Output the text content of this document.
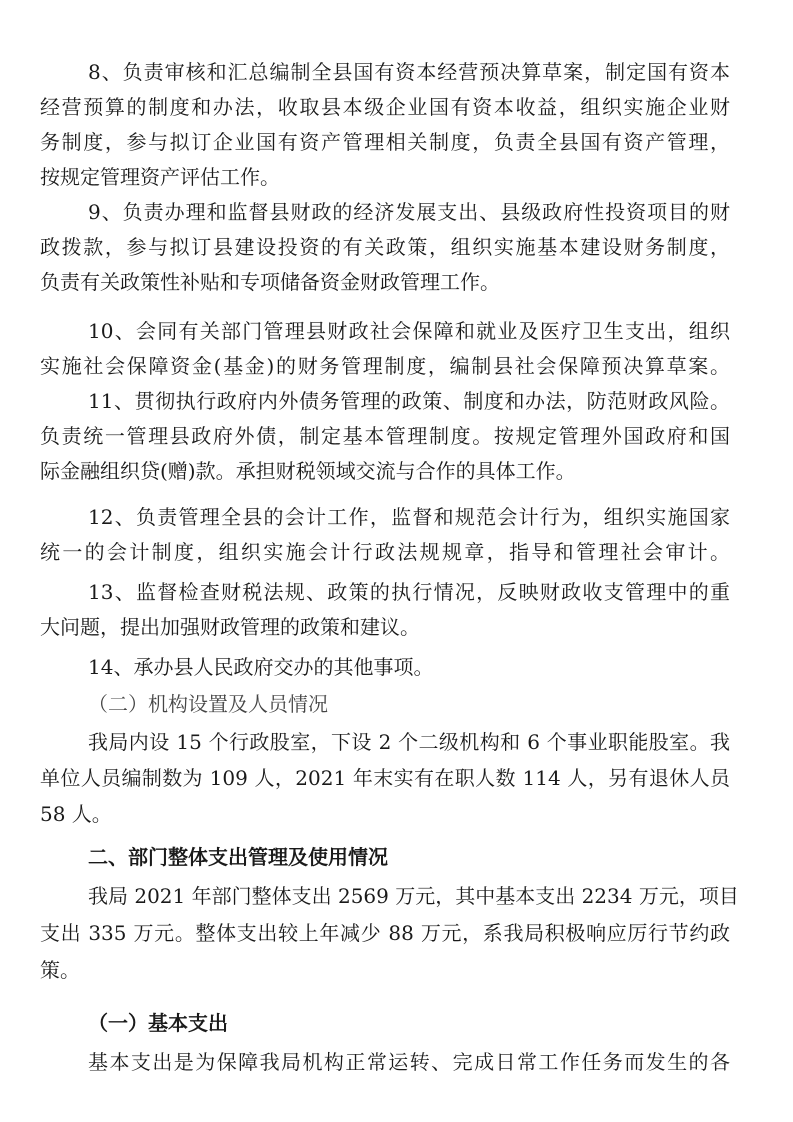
8、负责审核和汇总编制全县国有资本经营预决算草案，制定国有资本
经营预算的制度和办法，收取县本级企业国有资本收益，组织实施企业财
务制度，参与拟订企业国有资产管理相关制度，负责全县国有资产管理，
按规定管理资产评估工作。
9、负责办理和监督县财政的经济发展支出、县级政府性投资项目的财
政拨款，参与拟订县建设投资的有关政策，组织实施基本建设财务制度，
负责有关政策性补贴和专项储备资金财政管理工作。
10、会同有关部门管理县财政社会保障和就业及医疗卫生支出，组织
实施社会保障资金(基金)的财务管理制度，编制县社会保障预决算草案。
11、贯彻执行政府内外债务管理的政策、制度和办法，防范财政风险。
负责统一管理县政府外债，制定基本管理制度。按规定管理外国政府和国
际金融组织贷(赠)款。承担财税领域交流与合作的具体工作。
12、负责管理全县的会计工作，监督和规范会计行为，组织实施国家
统一的会计制度，组织实施会计行政法规规章，指导和管理社会审计。
13、监督检查财税法规、政策的执行情况，反映财政收支管理中的重
大问题，提出加强财政管理的政策和建议。
14、承办县人民政府交办的其他事项。
（二）机构设置及人员情况
我局内设 15 个行政股室，下设 2 个二级机构和 6 个事业职能股室。我
单位人员编制数为 109 人，2021 年末实有在职人数 114 人，另有退休人员
58 人。
二、部门整体支出管理及使用情况
我局 2021 年部门整体支出 2569 万元，其中基本支出 2234 万元，项目
支出 335 万元。整体支出较上年减少 88 万元，系我局积极响应厉行节约政
策。
（一）基本支出
基本支出是为保障我局机构正常运转、完成日常工作任务而发生的各
